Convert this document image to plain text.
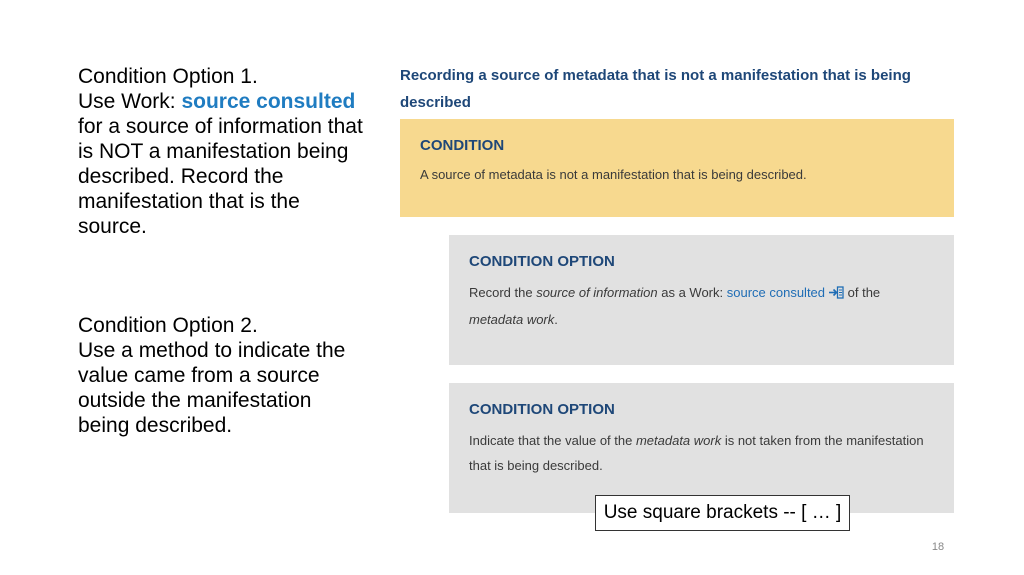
Condition Option 1.
Use Work: source consulted for a source of information that is NOT a manifestation being described. Record the manifestation that is the source.

Condition Option 2.
Use a method to indicate the value came from a source outside the manifestation being described.

Recording a source of metadata that is not a manifestation that is being described

CONDITION

A source of metadata is not a manifestation that is being described.

CONDITION OPTION

Record the source of information as a Work: source consulted of the metadata work.

CONDITION OPTION

Indicate that the value of the metadata work is not taken from the manifestation that is being described.

Use square brackets -- [ … ]
18
